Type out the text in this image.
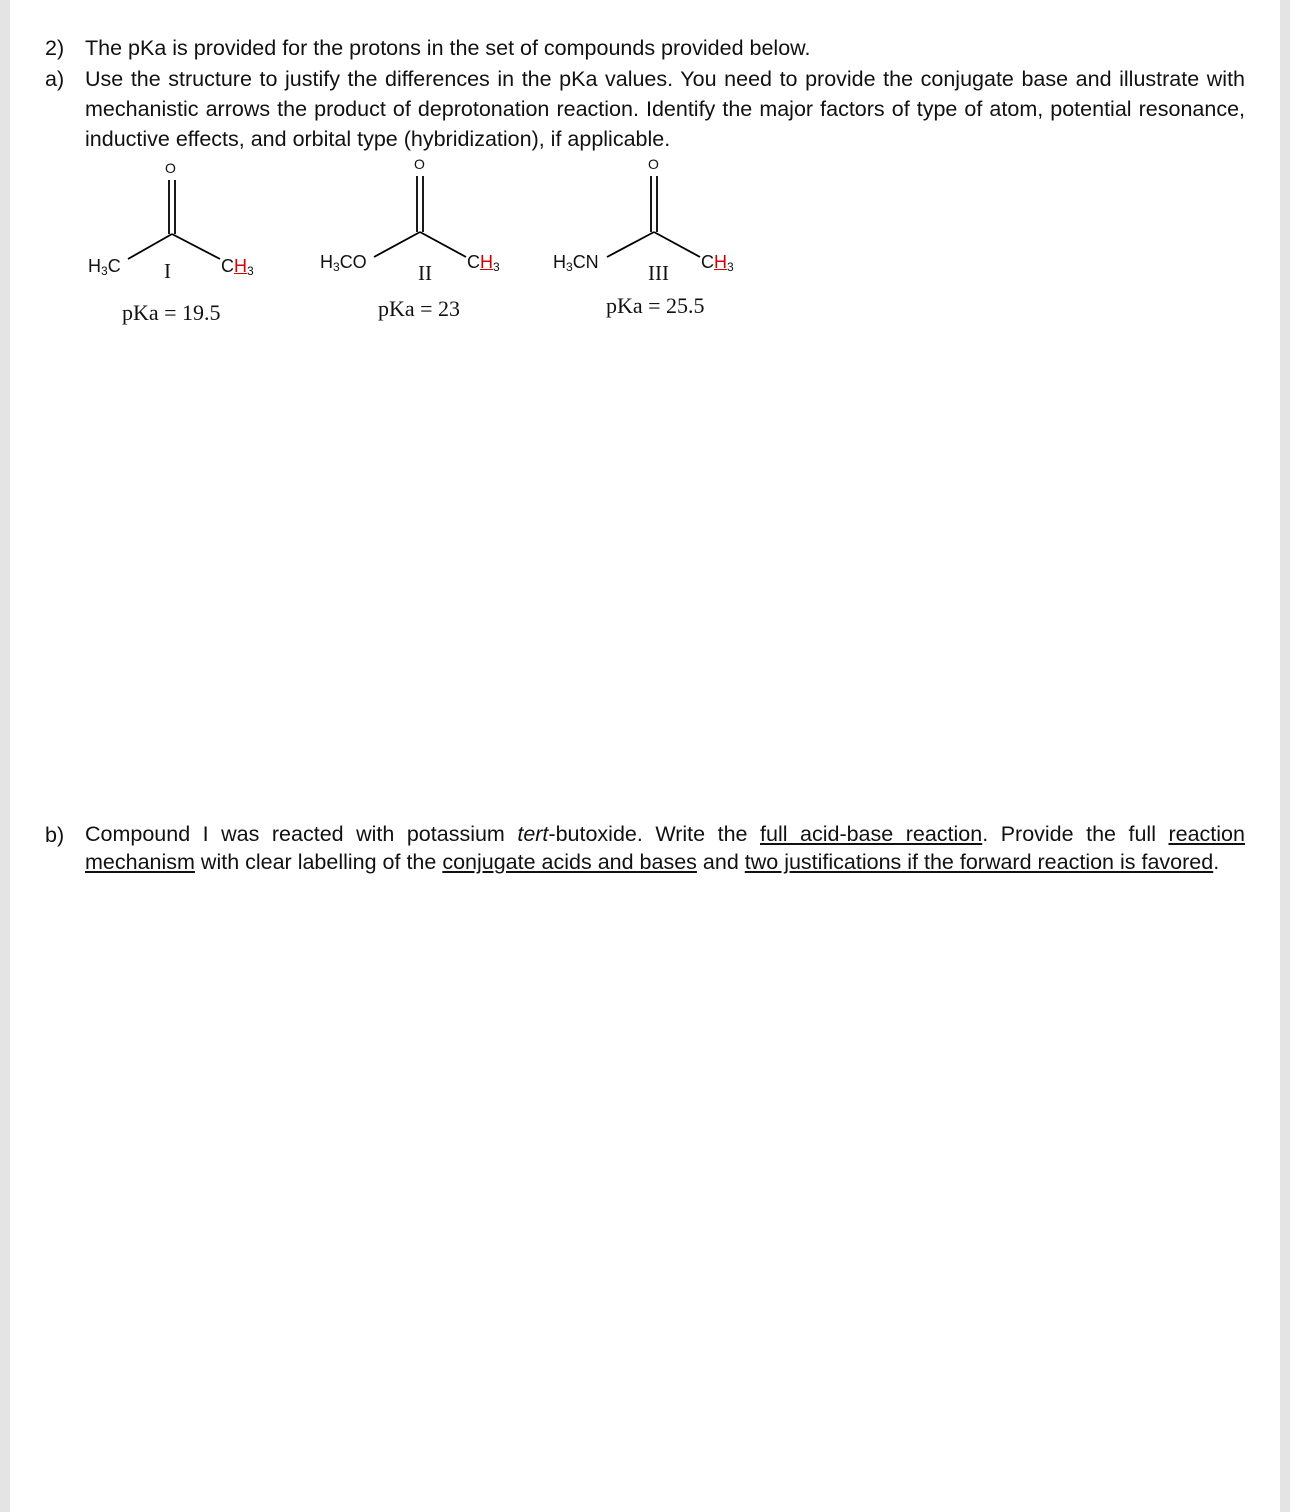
2) The pKa is provided for the protons in the set of compounds provided below.
a) Use the structure to justify the differences in the pKa values. You need to provide the conjugate base and illustrate with mechanistic arrows the product of deprotonation reaction. Identify the major factors of type of atom, potential resonance, inductive effects, and orbital type (hybridization), if applicable.
O
$H_3C$	$CH_3$
I
pKa = 19.5
O
$H_3CO$	$CH_3$
II
pKa = 23
O
$H_3CN$	$CH_3$
III
pKa = 25.5
b) Compound I was reacted with potassium tert-butoxide. Write the full acid-base reaction. Provide the full reaction mechanism with clear labelling of the conjugate acids and bases and two justifications if the forward reaction is favored.
